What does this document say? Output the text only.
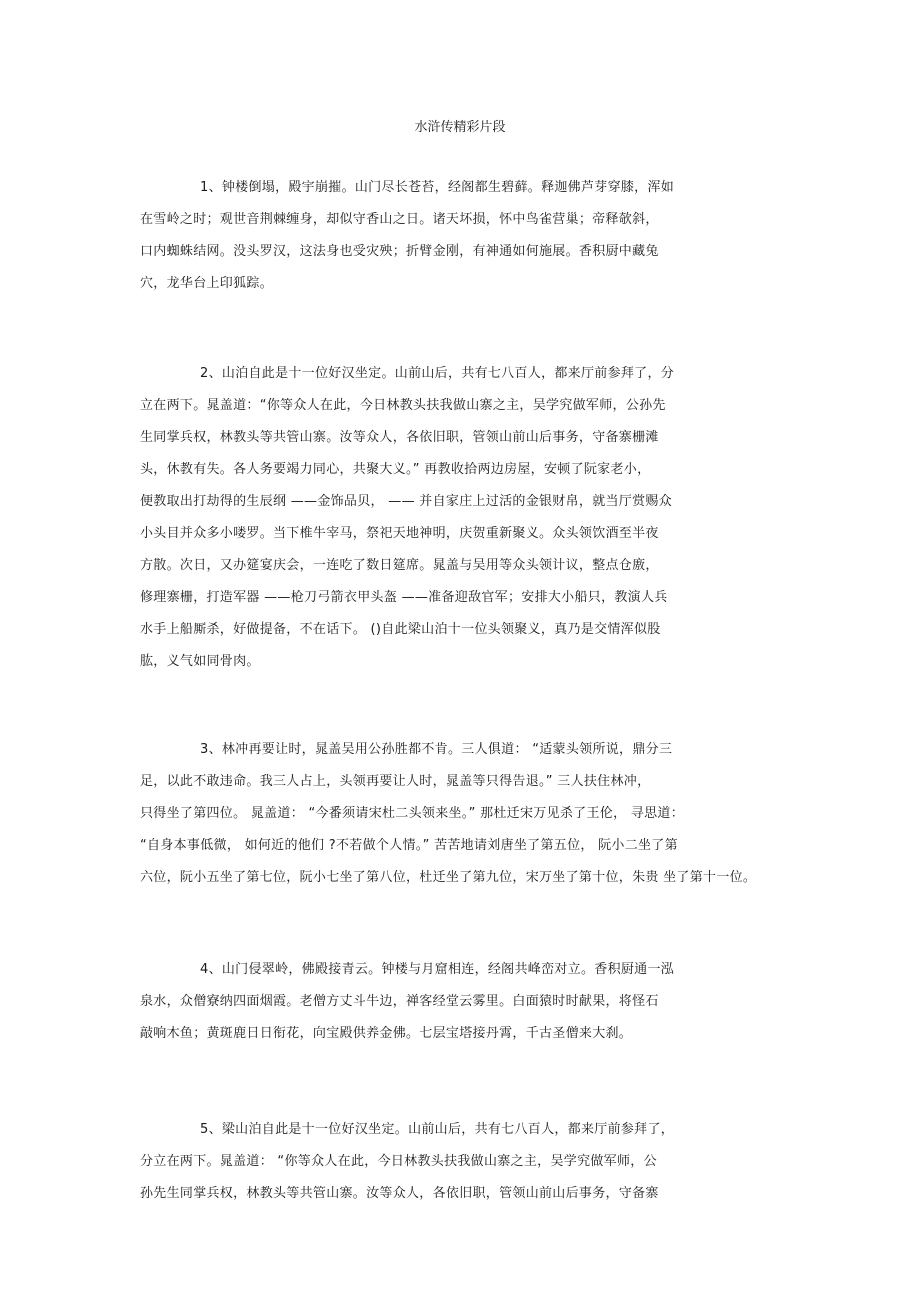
水浒传精彩片段
1、钟楼倒塌，殿宇崩摧。山门尽长苍苔，经阁都生碧藓。释迦佛芦芽穿膝，浑如
在雪岭之时；观世音荆棘缠身，却似守香山之日。诸天坏损，怀中鸟雀营巢；帝释欹斜，
口内蜘蛛结网。没头罗汉，这法身也受灾殃；折臂金刚，有神通如何施展。香积厨中藏兔
穴，龙华台上印狐踪。
2、山泊自此是十一位好汉坐定。山前山后，共有七八百人，都来厅前参拜了，分
立在两下。晁盖道：“你等众人在此，今日林教头扶我做山寨之主，吴学究做军师，公孙先
生同掌兵权，林教头等共管山寨。汝等众人，各依旧职，管领山前山后事务，守备寨栅滩
头，休教有失。各人务要竭力同心，共聚大义。” 再教收拾两边房屋，安顿了阮家老小，
便教取出打劫得的生辰纲 ——金饰品贝， —— 并自家庄上过活的金银财帛，就当厅赏赐众
小头目并众多小喽罗。当下椎牛宰马，祭祀天地神明，庆贺重新聚义。众头领饮酒至半夜
方散。次日，又办筵宴庆会，一连吃了数日筵席。晁盖与吴用等众头领计议，整点仓廒，
修理寨栅，打造军器 ——枪刀弓箭衣甲头盔 ——准备迎敌官军；安排大小船只，教演人兵
水手上船厮杀，好做提备，不在话下。 ()自此梁山泊十一位头领聚义，真乃是交情浑似股
肱，义气如同骨肉。
3、林冲再要让时，晁盖吴用公孙胜都不肯。三人俱道： “适蒙头领所说，鼎分三
足，以此不敢违命。我三人占上，头领再要让人时，晁盖等只得告退。” 三人扶住林冲，
只得坐了第四位。 晁盖道： “今番须请宋杜二头领来坐。” 那杜迁宋万见杀了王伦， 寻思道：
“自身本事低微， 如何近的他们 ?不若做个人情。” 苦苦地请刘唐坐了第五位， 阮小二坐了第
六位，阮小五坐了第七位，阮小七坐了第八位，杜迁坐了第九位，宋万坐了第十位，朱贵 坐了第十一位。
4、山门侵翠岭，佛殿接青云。钟楼与月窟相连，经阁共峰峦对立。香积厨通一泓
泉水，众僧寮纳四面烟霞。老僧方丈斗牛边，禅客经堂云雾里。白面猿时时献果，将怪石
敲响木鱼；黄斑鹿日日衔花，向宝殿供养金佛。七层宝塔接丹霄，千古圣僧来大刹。
5、梁山泊自此是十一位好汉坐定。山前山后，共有七八百人，都来厅前参拜了，
分立在两下。晁盖道： “你等众人在此，今日林教头扶我做山寨之主，吴学究做军师，公
孙先生同掌兵权，林教头等共管山寨。汝等众人，各依旧职，管领山前山后事务，守备寨
